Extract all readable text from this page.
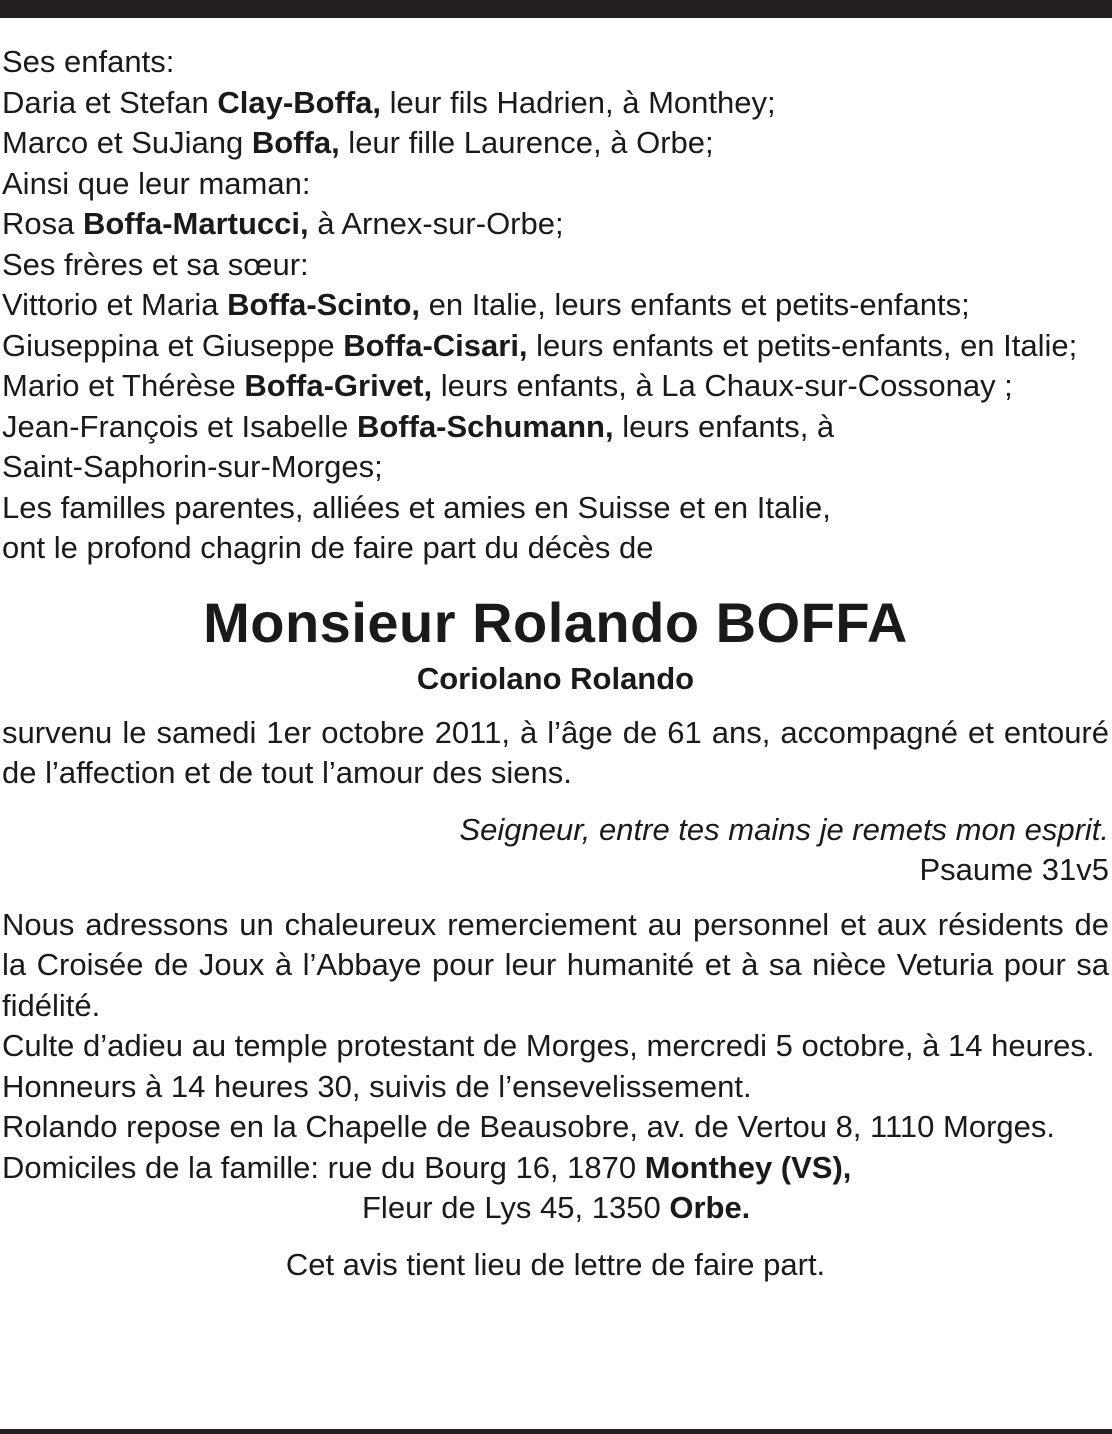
Ses enfants:

Daria et Stefan Clay-Boffa, leur fils Hadrien, à Monthey;

Marco et SuJiang Boffa, leur fille Laurence, à Orbe;

Ainsi que leur maman:

Rosa Boffa-Martucci, à Arnex-sur-Orbe;

Ses frères et sa sœur:

Vittorio et Maria Boffa-Scinto, en Italie, leurs enfants et petits-enfants;

Giuseppina et Giuseppe Boffa-Cisari, leurs enfants et petits-enfants, en Italie;

Mario et Thérèse Boffa-Grivet, leurs enfants, à La Chaux-sur-Cossonay ;

Jean-François et Isabelle Boffa-Schumann, leurs enfants, à

Saint-Saphorin-sur-Morges;

Les familles parentes, alliées et amies en Suisse et en Italie,

ont le profond chagrin de faire part du décès de

Monsieur Rolando BOFFA

Coriolano Rolando

survenu le samedi 1er octobre 2011, à l’âge de 61 ans, accompagné et entouré de l’affection et de tout l’amour des siens.

Seigneur, entre tes mains je remets mon esprit.

Psaume 31v5

Nous adressons un chaleureux remerciement au personnel et aux résidents de la Croisée de Joux à l’Abbaye pour leur humanité et à sa nièce Veturia pour sa fidélité.

Culte d’adieu au temple protestant de Morges, mercredi 5 octobre, à 14 heures.

Honneurs à 14 heures 30, suivis de l’ensevelissement.

Rolando repose en la Chapelle de Beausobre, av. de Vertou 8, 1110 Morges.

Domiciles de la famille: rue du Bourg 16, 1870 Monthey (VS),

Fleur de Lys 45, 1350 Orbe.

Cet avis tient lieu de lettre de faire part.
